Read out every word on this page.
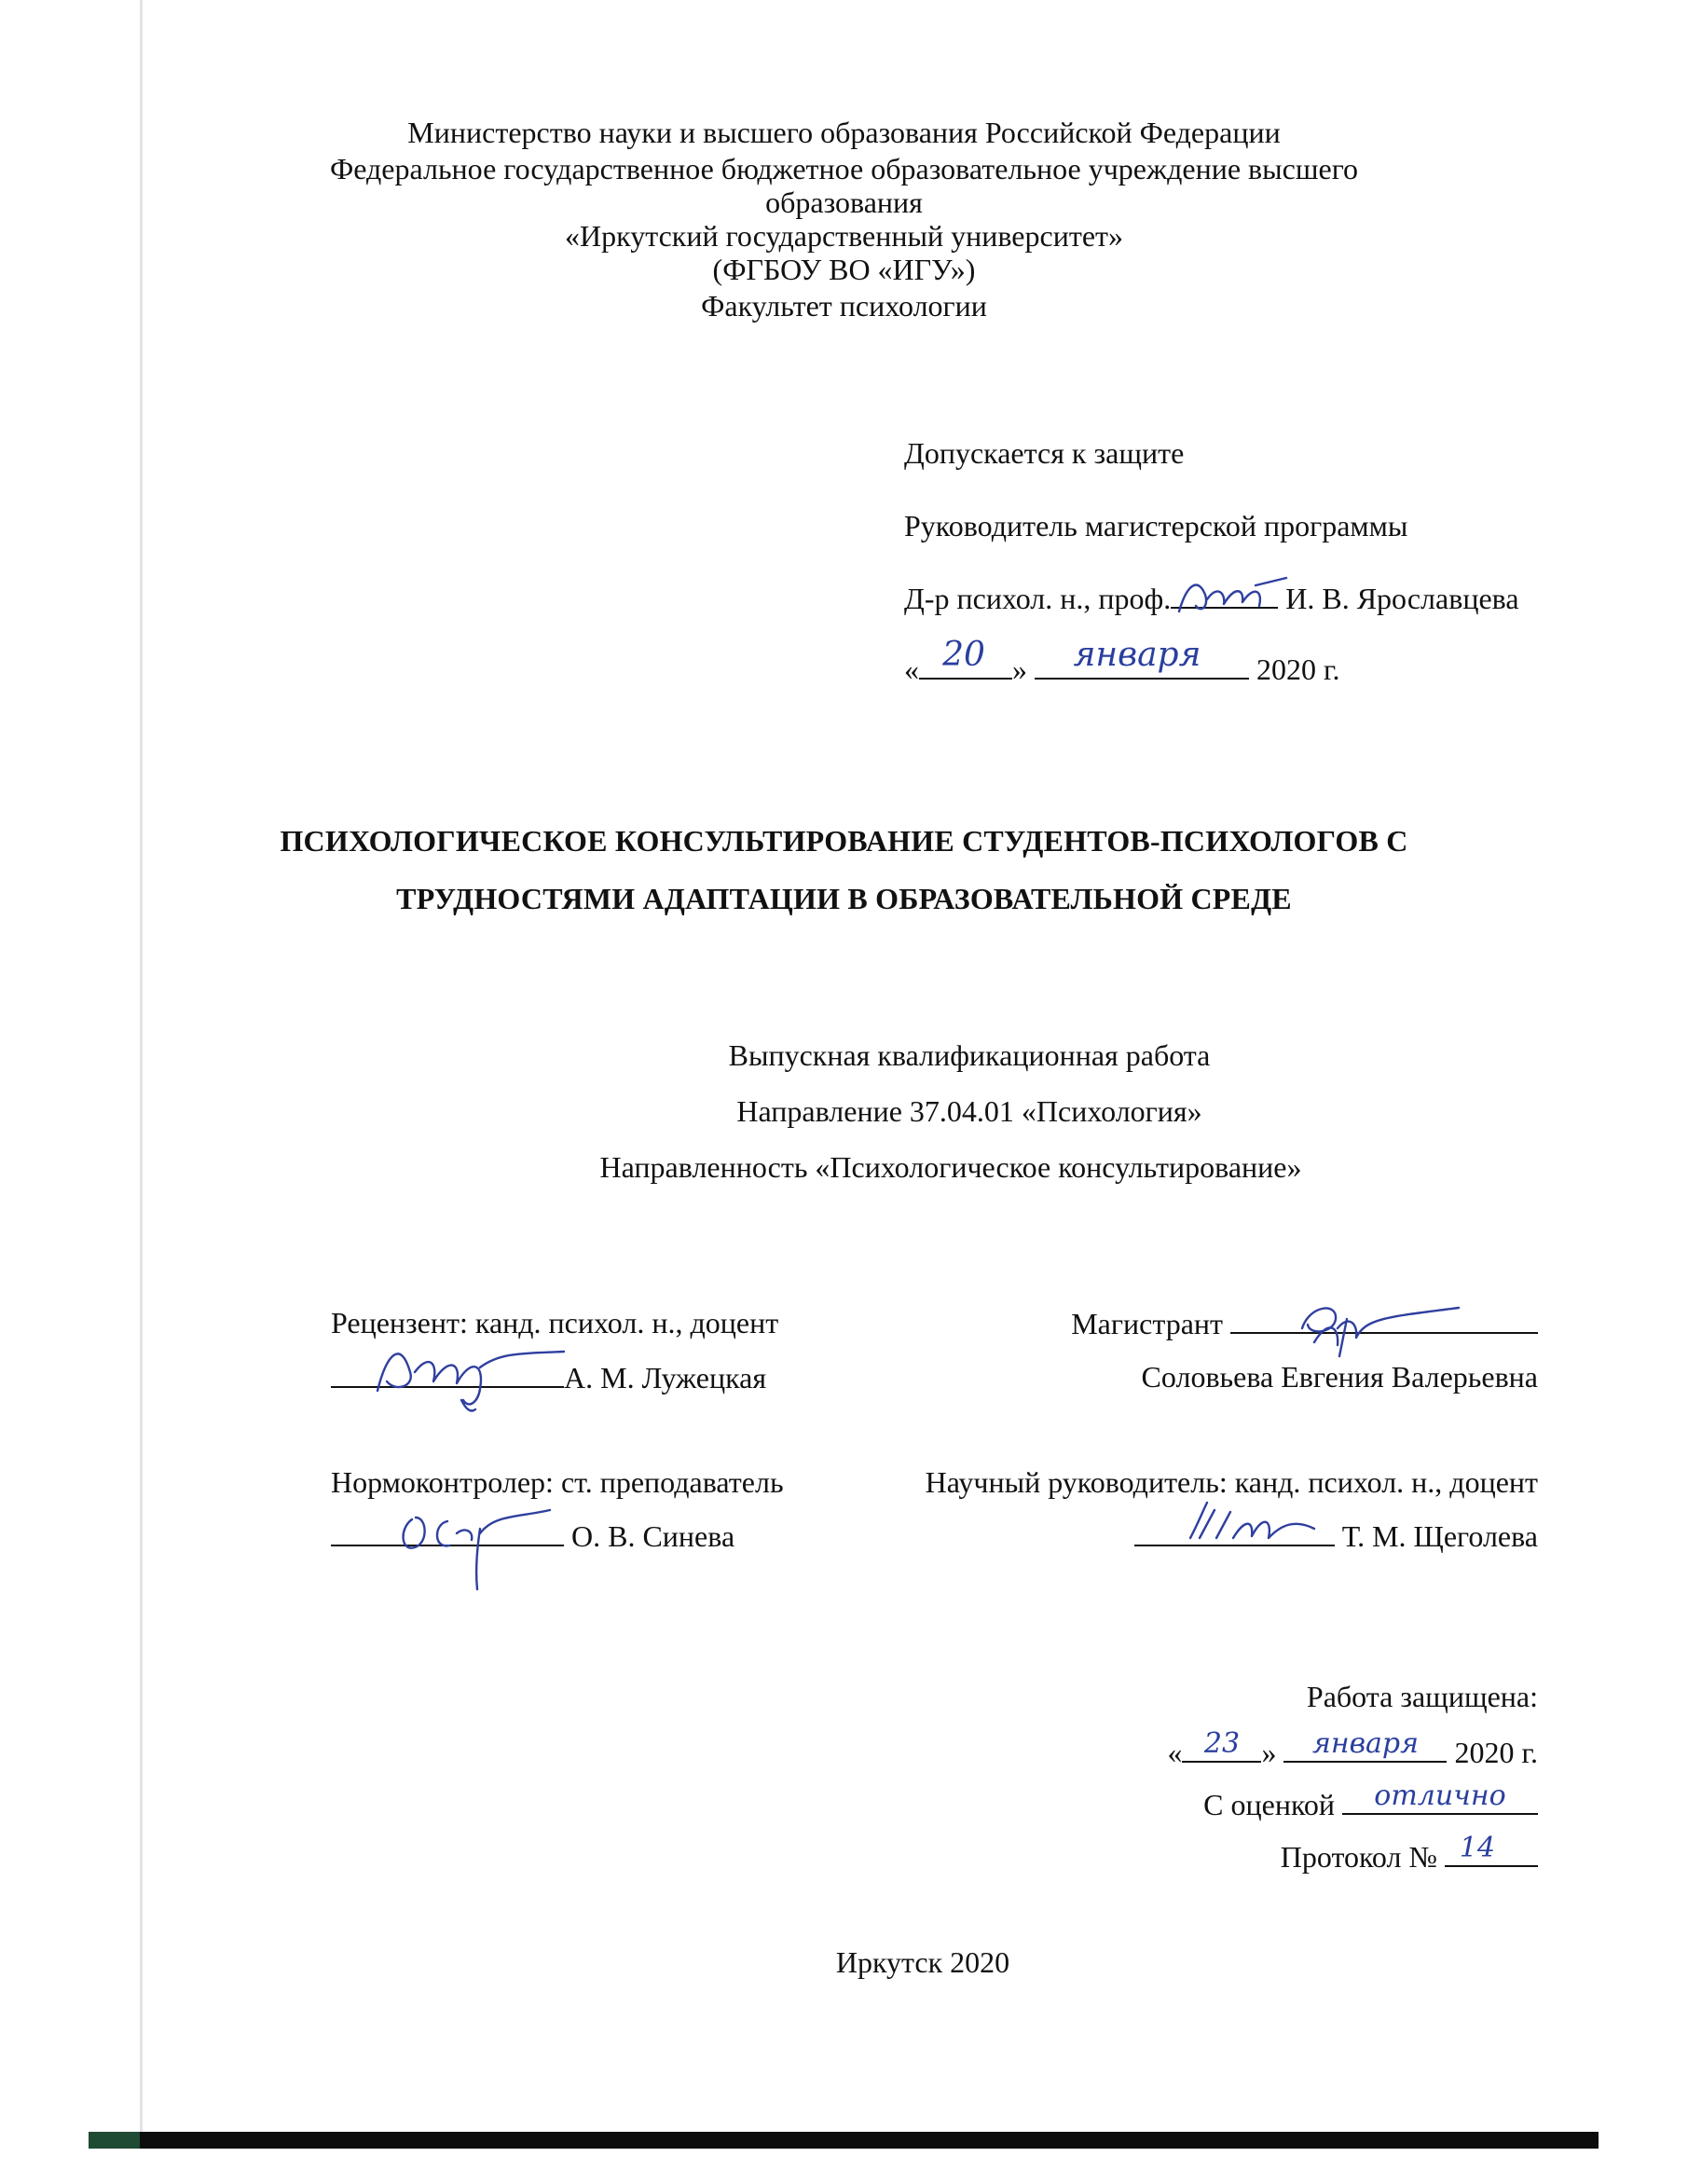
Министерство науки и высшего образования Российской Федерации
Федеральное государственное бюджетное образовательное учреждение высшего
образования
«Иркутский государственный университет»
(ФГБОУ ВО «ИГУ»)
Факультет психологии
Допускается к защите
Руководитель магистерской программы
Д-р психол. н., проф.	И. В. Ярославцева
« 20 »	января	2020 г.
ПСИХОЛОГИЧЕСКОЕ КОНСУЛЬТИРОВАНИЕ СТУДЕНТОВ-ПСИХОЛОГОВ С
ТРУДНОСТЯМИ АДАПТАЦИИ В ОБРАЗОВАТЕЛЬНОЙ СРЕДЕ
Выпускная квалификационная работа
Направление 37.04.01 «Психология»
Направленность «Психологическое консультирование»
Рецензент: канд. психол. н., доцент
А. М. Лужецкая
Магистрант
Соловьева Евгения Валерьевна
Нормоконтролер: ст. преподаватель
О. В. Синева
Научный руководитель: канд. психол. н., доцент
Т. М. Щеголева
Работа защищена:
« 23 »	января	2020 г.
С оценкой	отлично
Протокол № 14
Иркутск 2020
